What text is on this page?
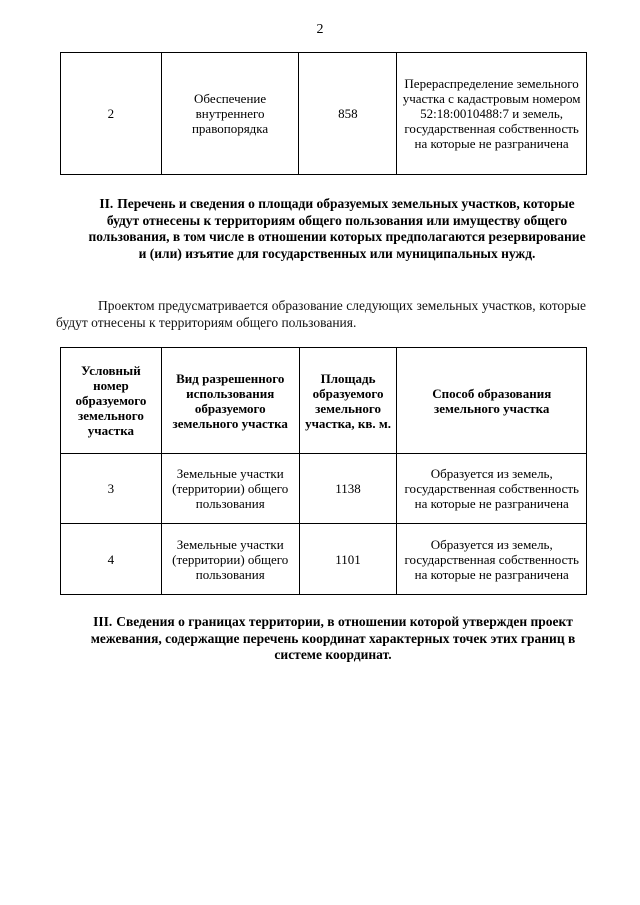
2
2	Обеспечение внутреннего правопорядка	858	Перераспределение земельного участка с кадастровым номером 52:18:0010488:7 и земель, государственная собственность на которые не разграничена
II. Перечень и сведения о площади образуемых земельных участков, которые будут отнесены к территориям общего пользования или имуществу общего пользования, в том числе в отношении которых предполагаются резервирование и (или) изъятие для государственных или муниципальных нужд.
Проектом предусматривается образование следующих земельных участков, которые будут отнесены к территориям общего пользования.
Условный номер образуемого земельного участка	Вид разрешенного использования образуемого земельного участка	Площадь образуемого земельного участка, кв. м.	Способ образования земельного участка
3	Земельные участки (территории) общего пользования	1138	Образуется из земель, государственная собственность на которые не разграничена
4	Земельные участки (территории) общего пользования	1101	Образуется из земель, государственная собственность на которые не разграничена
III. Сведения о границах территории, в отношении которой утвержден проект межевания, содержащие перечень координат характерных точек этих границ в системе координат.
